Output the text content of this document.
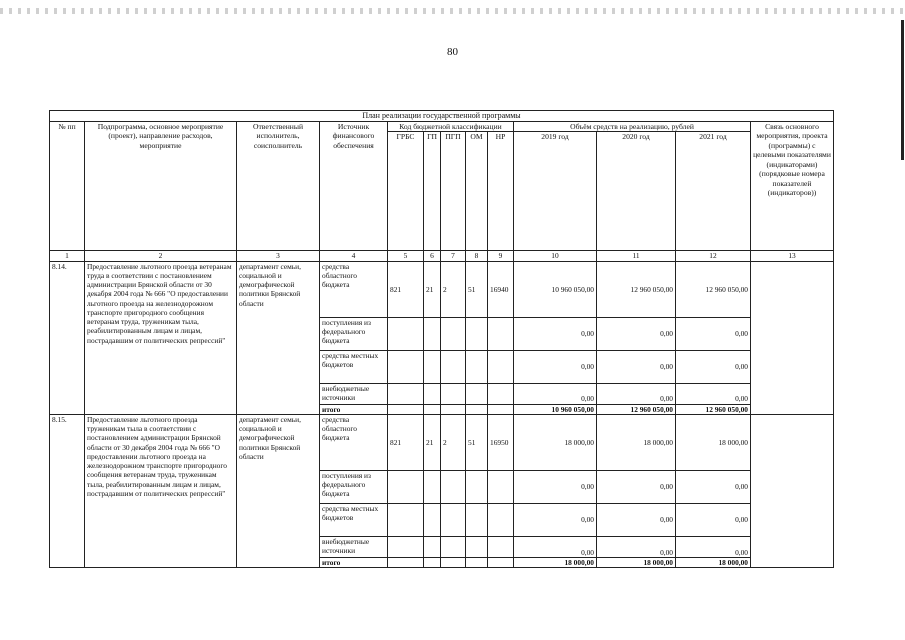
80
План реализации государственной программы												
№ пп	Подпрограмма, основное мероприятие (проект), направление расходов, мероприятие	Ответственный исполнитель, соисполнитель	Источник финансового обеспечения	Код бюджетной классификации					Объём средств на реализацию, рублей			Связь основного мероприятия, проекта (программы) с целевыми показателями (индикаторами) (порядковые номера показателей (индикаторов))
				ГРБС	ГП	ПГП	ОМ	НР	2019 год	2020 год	2021 год	
1	2	3	4	5	6	7	8	9	10	11	12	13
8.14.	Предоставление льготного проезда ветеранам труда в соответствии с постановлением администрации Брянской области от 30 декабря 2004 года № 666 "О предоставлении льготного проезда на железнодорожном транспорте пригородного сообщения ветеранам труда, труженикам тыла, реабилитированным лицам и лицам, пострадавшим от политических репрессий"	департамент семьи, социальной и демографической политики Брянской области	средства областного бюджета	821	21	2	51	16940	10 960 050,00	12 960 050,00	12 960 050,00	
			поступления из федерального бюджета						0,00	0,00	0,00	
			средства местных бюджетов						0,00	0,00	0,00	
			внебюджетные источники						0,00	0,00	0,00	
			итого						10 960 050,00	12 960 050,00	12 960 050,00	
8.15.	Предоставление льготного проезда труженикам тыла в соответствии с постановлением администрации Брянской области от 30 декабря 2004 года № 666 "О предоставлении льготного проезда на железнодорожном транспорте пригородного сообщения ветеранам труда, труженикам тыла, реабилитированным лицам и лицам, пострадавшим от политических репрессий"	департамент семьи, социальной и демографической политики Брянской области	средства областного бюджета	821	21	2	51	16950	18 000,00	18 000,00	18 000,00	
			поступления из федерального бюджета						0,00	0,00	0,00	
			средства местных бюджетов						0,00	0,00	0,00	
			внебюджетные источники						0,00	0,00	0,00	
			итого						18 000,00	18 000,00	18 000,00	
